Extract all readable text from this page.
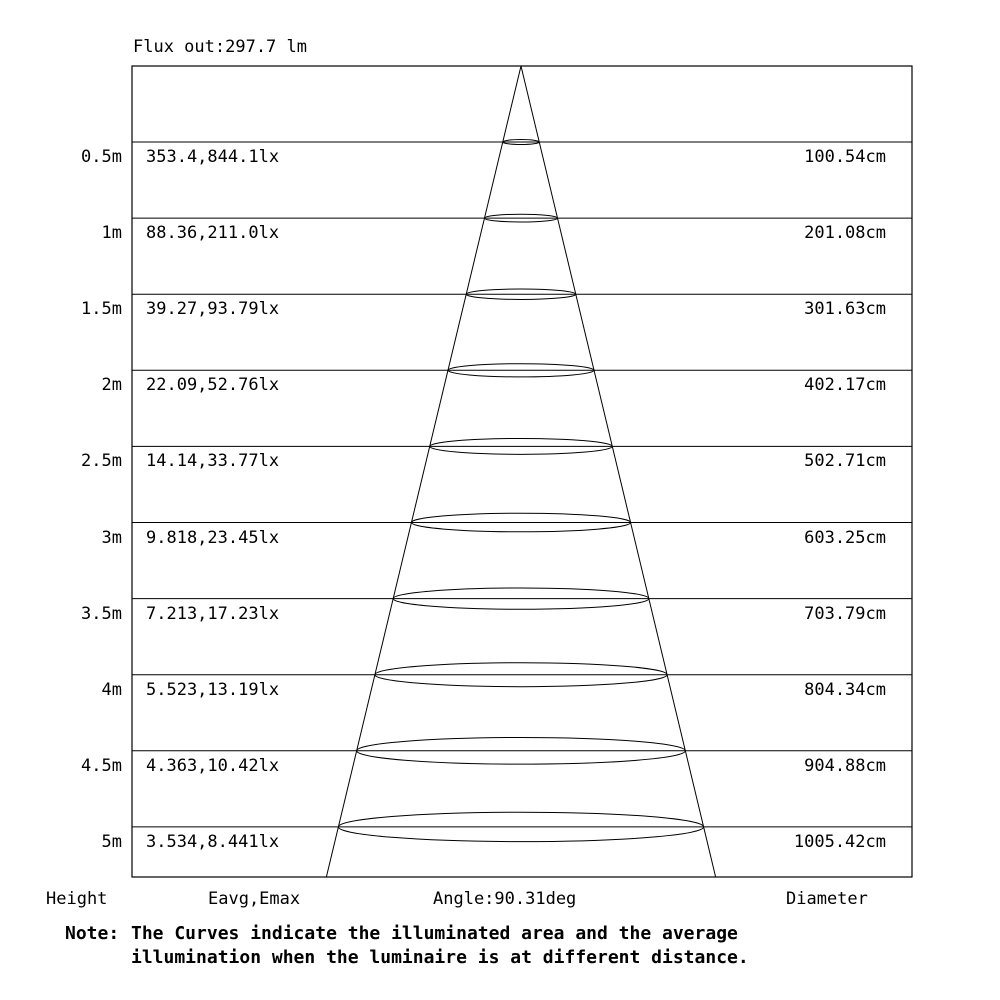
Flux out:297.7 lm
0.5m 353.4,844.1lx	100.54cm
1m 88.36,211.0lx	201.08cm
1.5m 39.27,93.79lx	301.63cm
2m 22.09,52.76lx	402.17cm
2.5m 14.14,33.77lx	502.71cm
3m 9.818,23.45lx	603.25cm
3.5m 7.213,17.23lx	703.79cm
4m 5.523,13.19lx	804.34cm
4.5m 4.363,10.42lx	904.88cm
5m 3.534,8.441lx	1005.42cm
Height	Eavg,Emax	Angle:90.31deg	Diameter
Note: The Curves indicate the illuminated area and the average
illumination when the luminaire is at different distance.
